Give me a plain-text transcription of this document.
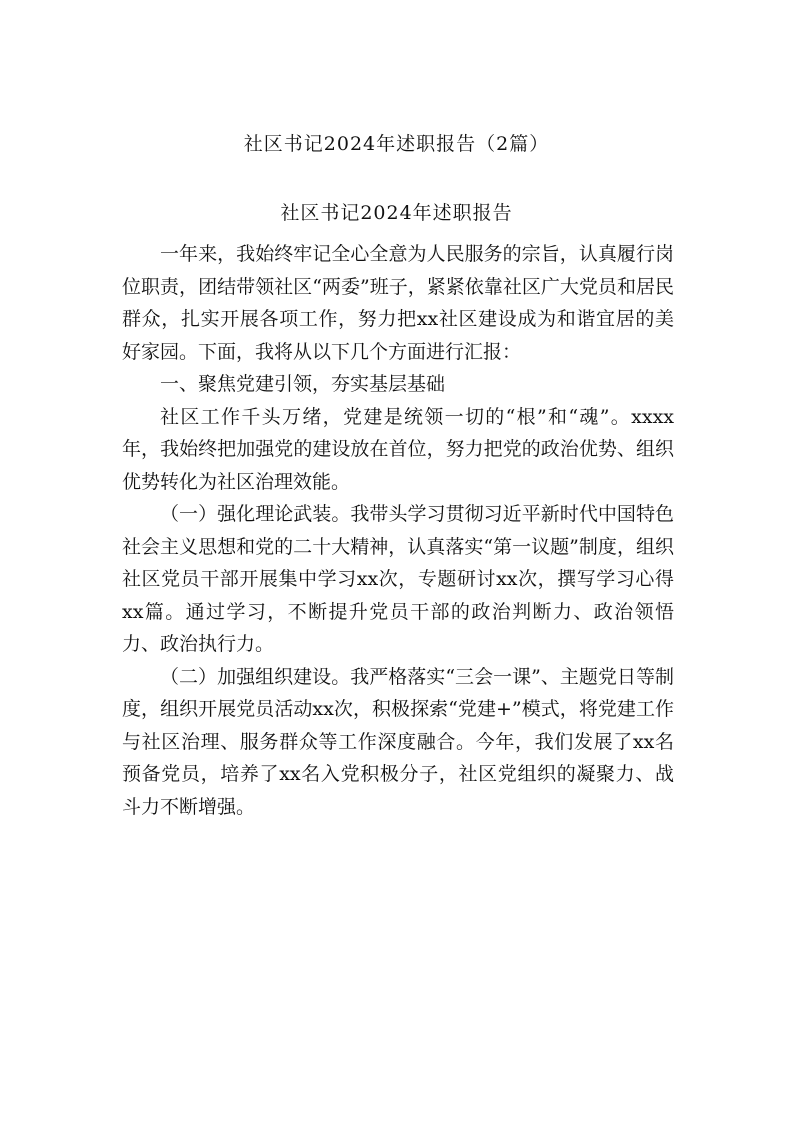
社区书记2024年述职报告（2篇）
社区书记2024年述职报告

一年来，我始终牢记全心全意为人民服务的宗旨，认真履行岗位职责，团结带领社区“两委”班子，紧紧依靠社区广大党员和居民群众，扎实开展各项工作，努力把xx社区建设成为和谐宜居的美好家园。下面，我将从以下几个方面进行汇报：

一、聚焦党建引领，夯实基层基础

社区工作千头万绪，党建是统领一切的“根”和“魂”。xxxx年，我始终把加强党的建设放在首位，努力把党的政治优势、组织优势转化为社区治理效能。

（一）强化理论武装。我带头学习贯彻习近平新时代中国特色社会主义思想和党的二十大精神，认真落实“第一议题”制度，组织社区党员干部开展集中学习xx次，专题研讨xx次，撰写学习心得xx篇。通过学习，不断提升党员干部的政治判断力、政治领悟力、政治执行力。

（二）加强组织建设。我严格落实“三会一课”、主题党日等制度，组织开展党员活动xx次，积极探索“党建+”模式，将党建工作与社区治理、服务群众等工作深度融合。今年，我们发展了xx名预备党员，培养了xx名入党积极分子，社区党组织的凝聚力、战斗力不断增强。
